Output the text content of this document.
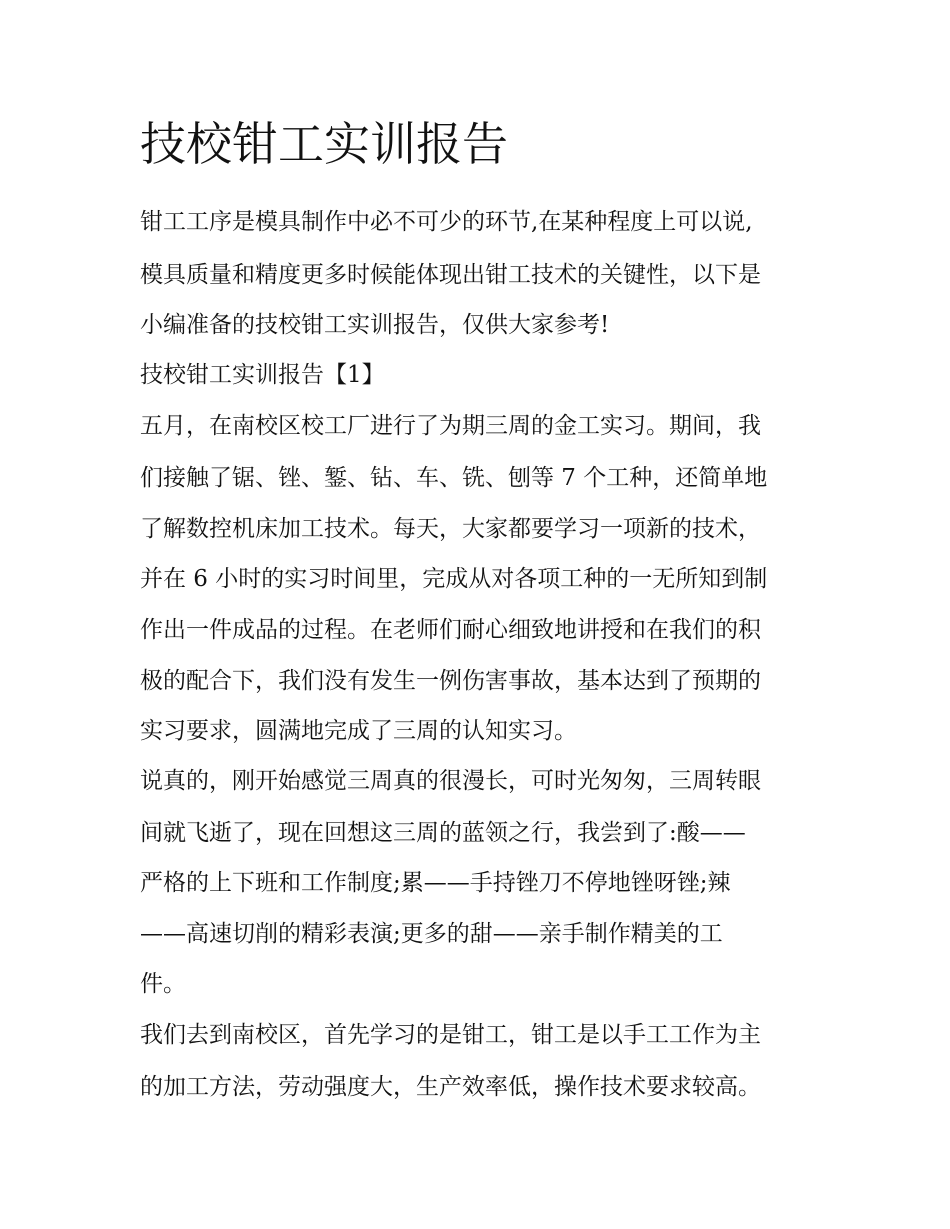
技校钳工实训报告

钳工工序是模具制作中必不可少的环节,在某种程度上可以说,

模具质量和精度更多时候能体现出钳工技术的关键性，以下是

小编准备的技校钳工实训报告，仅供大家参考!

技校钳工实训报告【1】

五月，在南校区校工厂进行了为期三周的金工实习。期间，我

们接触了锯、锉、錾、钻、车、铣、刨等 7 个工种，还简单地

了解数控机床加工技术。每天，大家都要学习一项新的技术，

并在 6 小时的实习时间里，完成从对各项工种的一无所知到制

作出一件成品的过程。在老师们耐心细致地讲授和在我们的积

极的配合下，我们没有发生一例伤害事故，基本达到了预期的

实习要求，圆满地完成了三周的认知实习。

说真的，刚开始感觉三周真的很漫长，可时光匆匆，三周转眼

间就飞逝了，现在回想这三周的蓝领之行，我尝到了:酸——

严格的上下班和工作制度;累——手持锉刀不停地锉呀锉;辣

——高速切削的精彩表演;更多的甜——亲手制作精美的工

件。

我们去到南校区，首先学习的是钳工，钳工是以手工工作为主

的加工方法，劳动强度大，生产效率低，操作技术要求较高。
